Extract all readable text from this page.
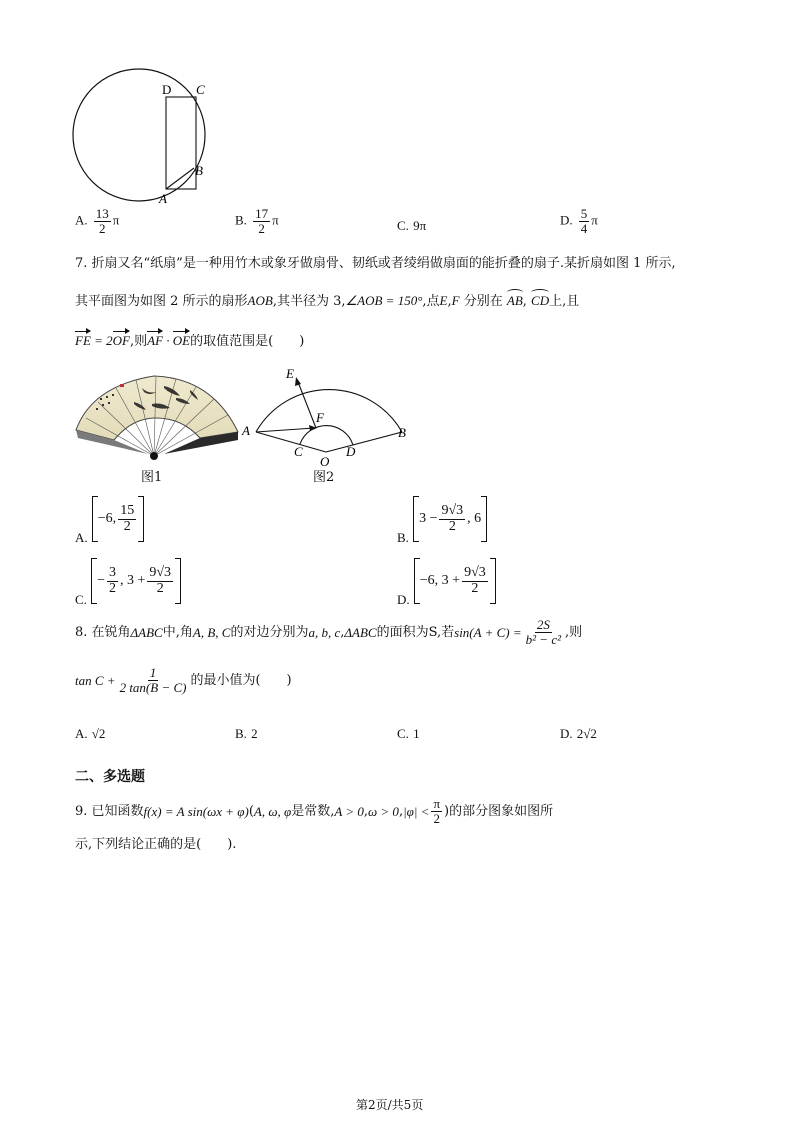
D C
B
A
A. $\frac{13}{2}$ π	B. $\frac{17}{2}$ π	C. 9π	D. $\frac{5}{4}$ π
7. 折扇又名“纸扇”是一种用竹木或象牙做扇骨、韧纸或者绫绢做扇面的能折叠的扇子.某折扇如图 1 所示,
其平面图为如图 2 所示的扇形AOB,其半径为 3,∠AOB = 150°,点E,F 分别在 AB, CD上,且
FE = 2OF,则AF · OE的取值范围是(　　)
图1
E
F
A	B
C
O
D
图2
A.
−6, $\frac{15}{2}$
B.
$3 - \frac{9√3}{2}$ , 6
C.
− $\frac{3}{2}$ , $3 + \frac{9√3}{2}$
D.
−6, $3 + \frac{9√3}{2}$
8. 在锐角 ΔABC 中,角 A, B, C 的对边分别为 a, b, c , ΔABC 的面积为S,若 $\sin(A + C) = \frac{2S}{\text{b² − c²}}$ ,则
$\tan C + \frac{1}{2 \tan(B - C)}$ 的最小值为(　　)
A. √2	B. 2	C. 1	D. 2√2
二、多选题
9. 已知函数 f(x) = A sin(ωx + φ) ( A, ω, φ 是常数, A > 0 , ω > 0 , $|\varphi| < \frac{\pi}{2}$ )的部分图象如图所
示,下列结论正确的是(　　).
第2页/共5页
